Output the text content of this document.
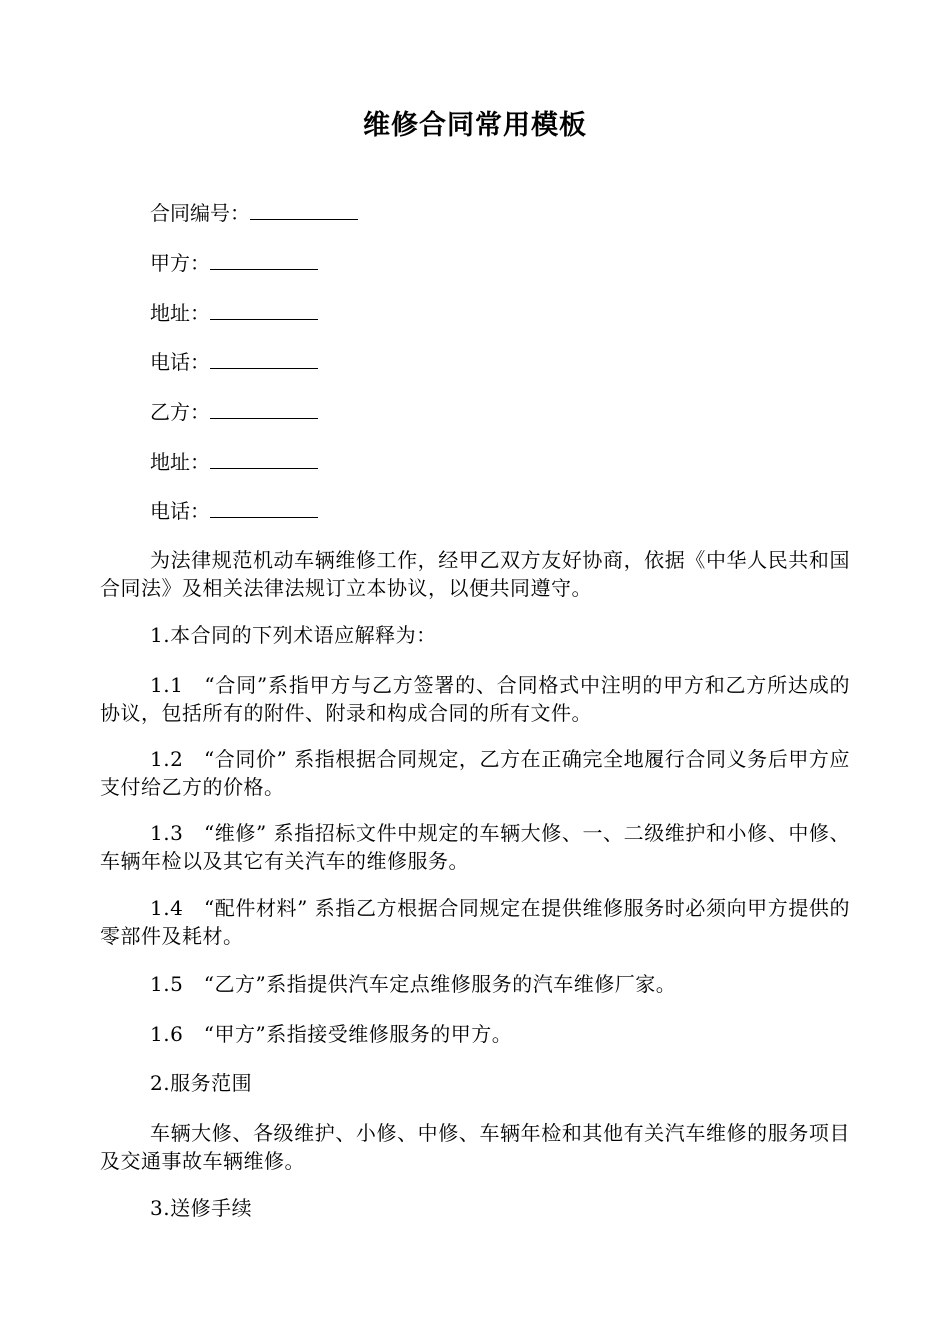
维修合同常用模板
合同编号：
甲方：
地址：
电话：
乙方：
地址：
电话：
为法律规范机动车辆维修工作，经甲乙双方友好协商，依据《中华人民共和国合同法》及相关法律法规订立本协议，以便共同遵守。
1.本合同的下列术语应解释为：
1.1　“合同”系指甲方与乙方签署的、合同格式中注明的甲方和乙方所达成的协议，包括所有的附件、附录和构成合同的所有文件。
1.2　“合同价” 系指根据合同规定，乙方在正确完全地履行合同义务后甲方应支付给乙方的价格。
1.3　“维修” 系指招标文件中规定的车辆大修、一、二级维护和小修、中修、车辆年检以及其它有关汽车的维修服务。
1.4　“配件材料” 系指乙方根据合同规定在提供维修服务时必须向甲方提供的零部件及耗材。
1.5　“乙方”系指提供汽车定点维修服务的汽车维修厂家。
1.6　“甲方”系指接受维修服务的甲方。
2.服务范围
车辆大修、各级维护、小修、中修、车辆年检和其他有关汽车维修的服务项目及交通事故车辆维修。
3.送修手续
